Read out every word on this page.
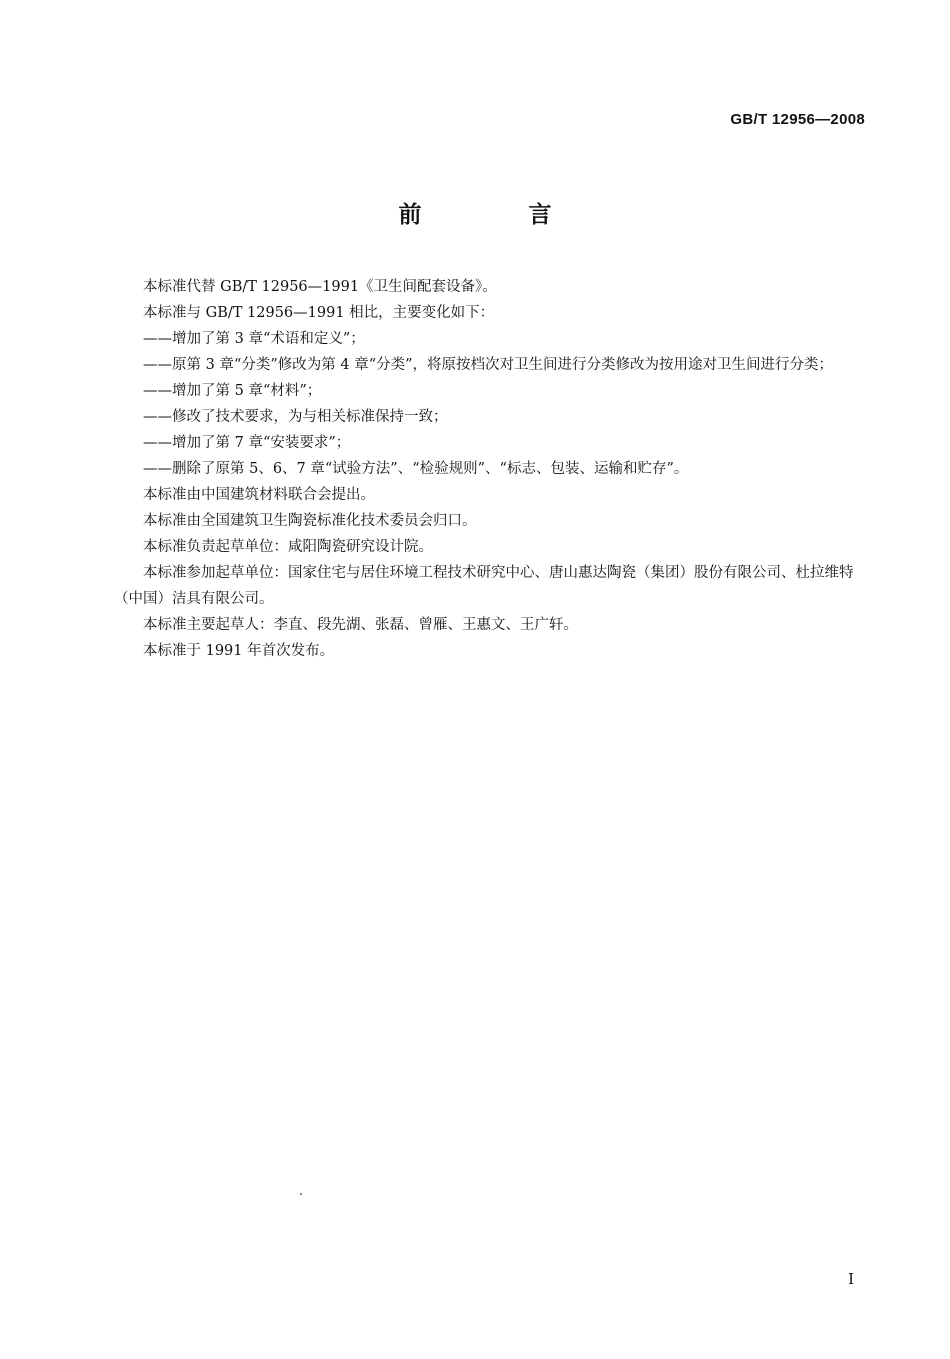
GB/T 12956—2008
前　言

本标准代替 GB/T 12956—1991《卫生间配套设备》。

本标准与 GB/T 12956—1991 相比，主要变化如下：

——增加了第 3 章“术语和定义”；

——原第 3 章“分类”修改为第 4 章“分类”，将原按档次对卫生间进行分类修改为按用途对卫生间进行分类；

——增加了第 5 章“材料”；

——修改了技术要求，为与相关标准保持一致；

——增加了第 7 章“安装要求”；

——删除了原第 5、6、7 章“试验方法”、“检验规则”、“标志、包装、运输和贮存”。

本标准由中国建筑材料联合会提出。

本标准由全国建筑卫生陶瓷标准化技术委员会归口。

本标准负责起草单位：咸阳陶瓷研究设计院。

本标准参加起草单位：国家住宅与居住环境工程技术研究中心、唐山惠达陶瓷（集团）股份有限公司、杜拉维特（中国）洁具有限公司。

本标准主要起草人：李直、段先湖、张磊、曾雁、王惠文、王广轩。

本标准于 1991 年首次发布。

I
